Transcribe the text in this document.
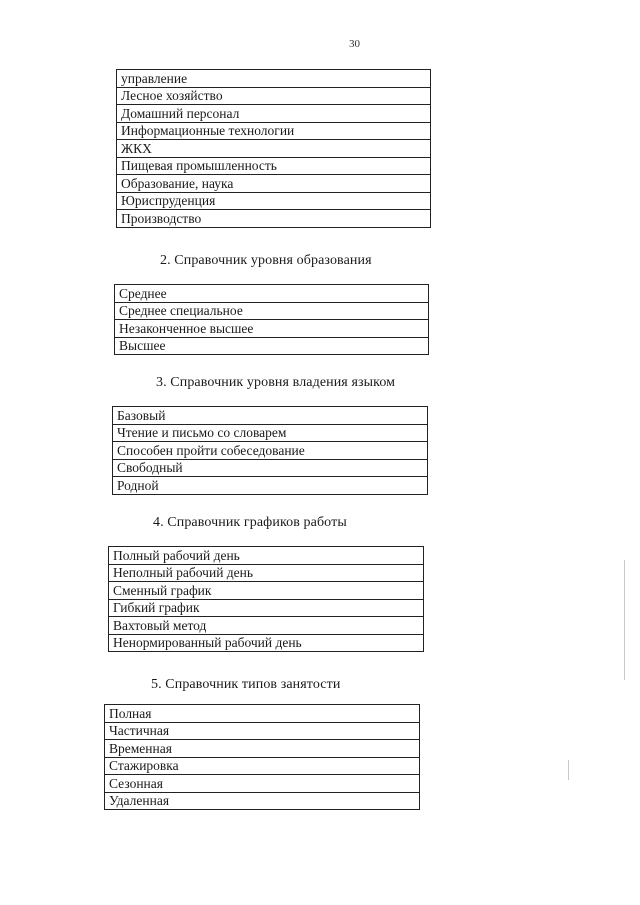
30
управление
Лесное хозяйство
Домашний персонал
Информационные технологии
ЖКХ
Пищевая промышленность
Образование, наука
Юриспруденция
Производство
2. Справочник уровня образования
Среднее
Среднее специальное
Незаконченное высшее
Высшее
3. Справочник уровня владения языком
Базовый
Чтение и письмо со словарем
Способен пройти собеседование
Свободный
Родной
4. Справочник графиков работы
Полный рабочий день
Неполный рабочий день
Сменный график
Гибкий график
Вахтовый метод
Ненормированный рабочий день
5. Справочник типов занятости
Полная
Частичная
Временная
Стажировка
Сезонная
Удаленная
